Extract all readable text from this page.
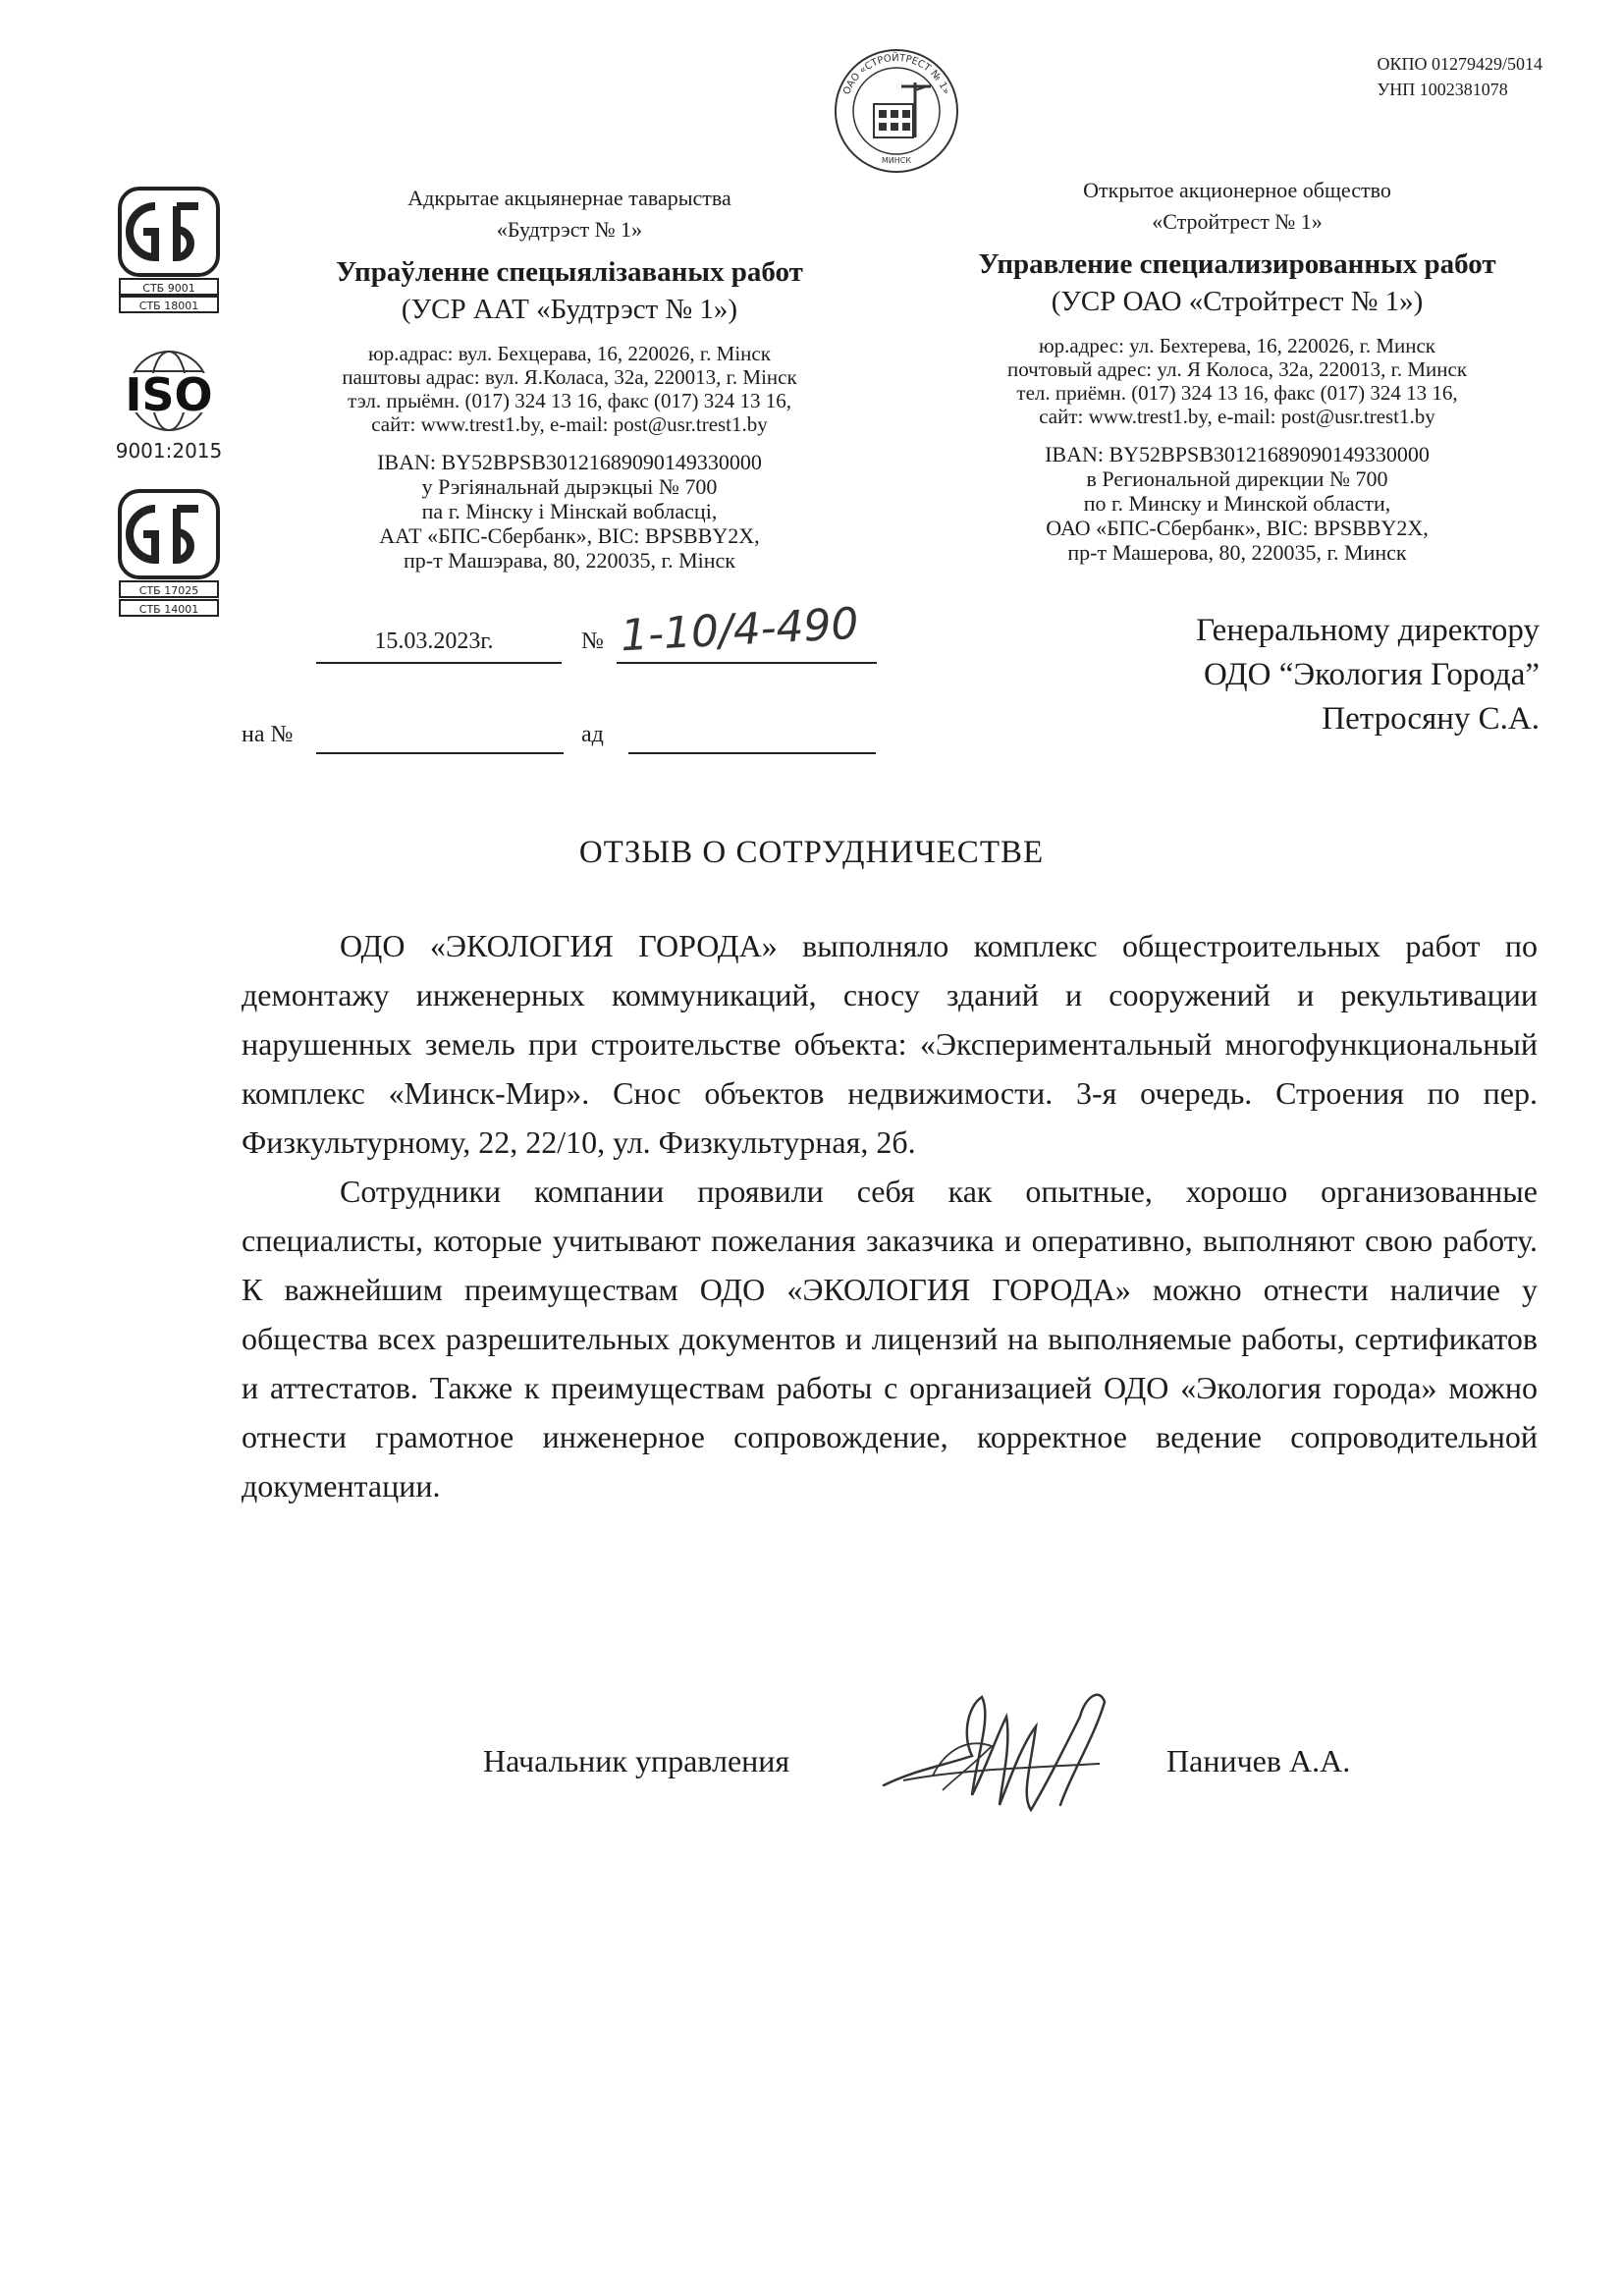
ОКПО 01279429/5014
УНП 1002381078
ОАО «СТРОЙТРЕСТ № 1»
МИНСК
СТБ 9001
СТБ 18001
ISO
9001:2015
СТБ 17025
СТБ 14001
Адкрытае акцыянернае таварыства
«Будтрэст № 1»
Упраўленне спецыялізаваных работ
(УСР ААТ «Будтрэст № 1»)
юр.адрас: вул. Бехцерава, 16, 220026, г. Мінск
паштовы адрас: вул. Я.Коласа, 32а, 220013, г. Мінск
тэл. прыёмн. (017) 324 13 16, факс (017) 324 13 16,
сайт: www.trest1.by, e-mail: post@usr.trest1.by
IBAN: BY52BPSB30121689090149330000
у Рэгіянальнай дырэкцыі № 700
па г. Мінску і Мінскай вобласці,
ААТ «БПС-Сбербанк», BIC: BPSBBY2X,
пр-т Машэрава, 80, 220035, г. Мінск
Открытое акционерное общество
«Стройтрест № 1»
Управление специализированных работ
(УСР ОАО «Стройтрест № 1»)
юр.адрес: ул. Бехтерева, 16, 220026, г. Минск
почтовый адрес: ул. Я Колоса, 32а, 220013, г. Минск
тел. приёмн. (017) 324 13 16, факс (017) 324 13 16,
сайт: www.trest1.by, e-mail: post@usr.trest1.by
IBAN: BY52BPSB30121689090149330000
в Региональной дирекции № 700
по г. Минску и Минской области,
ОАО «БПС-Сбербанк», BIC: BPSBBY2X,
пр-т Машерова, 80, 220035, г. Минск
15.03.2023г.	№ 1-10/4-490
на №	ад
Генеральному директору
ОДО “Экология Города”
Петросяну С.А.
ОТЗЫВ О СОТРУДНИЧЕСТВЕ

ОДО «ЭКОЛОГИЯ ГОРОДА» выполняло комплекс общестроительных работ по демонтажу инженерных коммуникаций, сносу зданий и сооружений и рекультивации нарушенных земель при строительстве объекта: «Экспериментальный многофункциональный комплекс «Минск-Мир». Снос объектов недвижимости. 3-я очередь. Строения по пер. Физкультурному, 22, 22/10, ул. Физкультурная, 2б.

Сотрудники компании проявили себя как опытные, хорошо организованные специалисты, которые учитывают пожелания заказчика и оперативно, выполняют свою работу. К важнейшим преимуществам ОДО «ЭКОЛОГИЯ ГОРОДА» можно отнести наличие у общества всех разрешительных документов и лицензий на выполняемые работы, сертификатов и аттестатов. Также к преимуществам работы с организацией ОДО «Экология города» можно отнести грамотное инженерное сопровождение, корректное ведение сопроводительной документации.

Начальник управления	Паничев А.А.
